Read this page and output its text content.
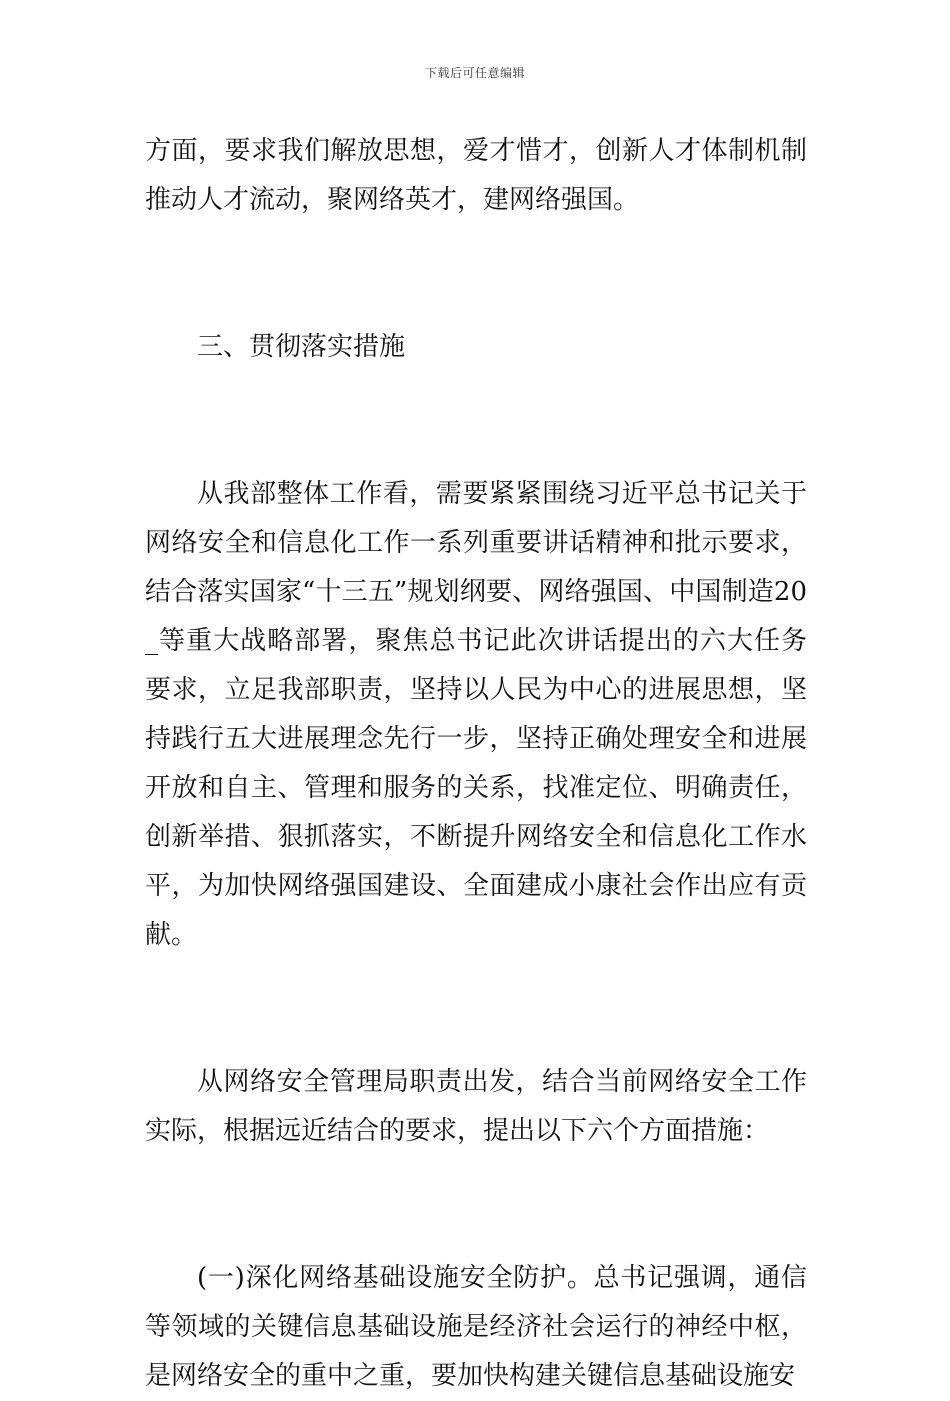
下载后可任意编辑

方面，要求我们解放思想，爱才惜才，创新人才体制机制推动人才流动，聚网络英才，建网络强国。

三、贯彻落实措施

从我部整体工作看，需要紧紧围绕习近平总书记关于网络安全和信息化工作一系列重要讲话精神和批示要求，结合落实国家“十三五”规划纲要、网络强国、中国制造20_等重大战略部署，聚焦总书记此次讲话提出的六大任务要求，立足我部职责，坚持以人民为中心的进展思想，坚持践行五大进展理念先行一步，坚持正确处理安全和进展开放和自主、管理和服务的关系，找准定位、明确责任，创新举措、狠抓落实，不断提升网络安全和信息化工作水平，为加快网络强国建设、全面建成小康社会作出应有贡献。

从网络安全管理局职责出发，结合当前网络安全工作实际，根据远近结合的要求，提出以下六个方面措施：

(一)深化网络基础设施安全防护。总书记强调，通信等领域的关键信息基础设施是经济社会运行的神经中枢，是网络安全的重中之重，要加快构建关键信息基础设施安
